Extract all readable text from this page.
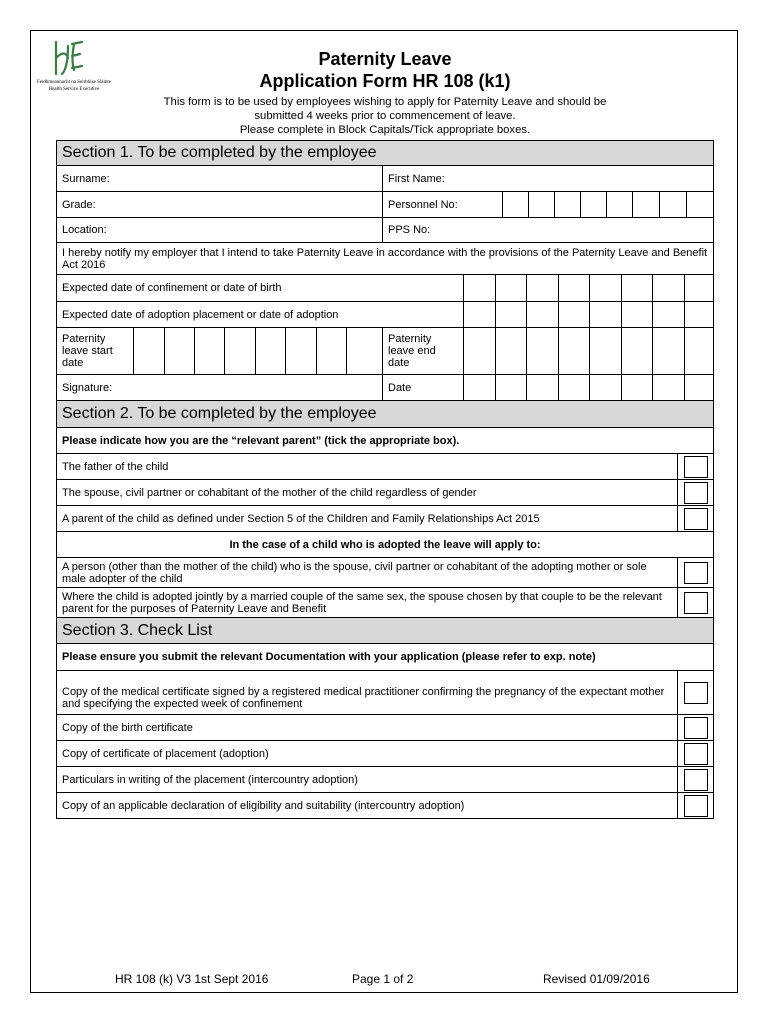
Feidhmeannacht na Seirbhíse Sláinte
Health Service Executive
Paternity Leave
Application Form HR 108 (k1)
This form is to be used by employees wishing to apply for Paternity Leave and should be
submitted 4 weeks prior to commencement of leave.
Please complete in Block Capitals/Tick appropriate boxes.
Section 1. To be completed by the employee									
Surname:	First Name:								
Grade:	Personnel No:								
Location:	PPS No:								
I hereby notify my employer that I intend to take Paternity Leave in accordance with the provisions of the Paternity Leave and Benefit Act 2016									
Expected date of confinement or date of birth																	
Expected date of adoption placement or date of adoption																	
Paternity leave start date									Paternity leave end date								
Signature:									Date								
Section 2. To be completed by the employee	
Please indicate how you are the “relevant parent” (tick the appropriate box).	
The father of the child	

The spouse, civil partner or cohabitant of the mother of the child regardless of gender	

A parent of the child as defined under Section 5 of the Children and Family Relationships Act 2015	

In the case of a child who is adopted the leave will apply to:	
A person (other than the mother of the child) who is the spouse, civil partner or cohabitant of the adopting mother or sole male adopter of the child	

Where the child is adopted jointly by a married couple of the same sex, the spouse chosen by that couple to be the relevant parent for the purposes of Paternity Leave and Benefit	

Section 3. Check List	
Please ensure you submit the relevant Documentation with your application (please refer to exp. note)	
Copy of the medical certificate signed by a registered medical practitioner confirming the pregnancy of the expectant mother and specifying the expected week of confinement	

Copy of the birth certificate	

Copy of certificate of placement (adoption)	

Particulars in writing of the placement (intercountry adoption)	

Copy of an applicable declaration of eligibility and suitability (intercountry adoption)	
HR 108 (k) V3 1st Sept 2016	Page 1 of 2	Revised 01/09/2016
